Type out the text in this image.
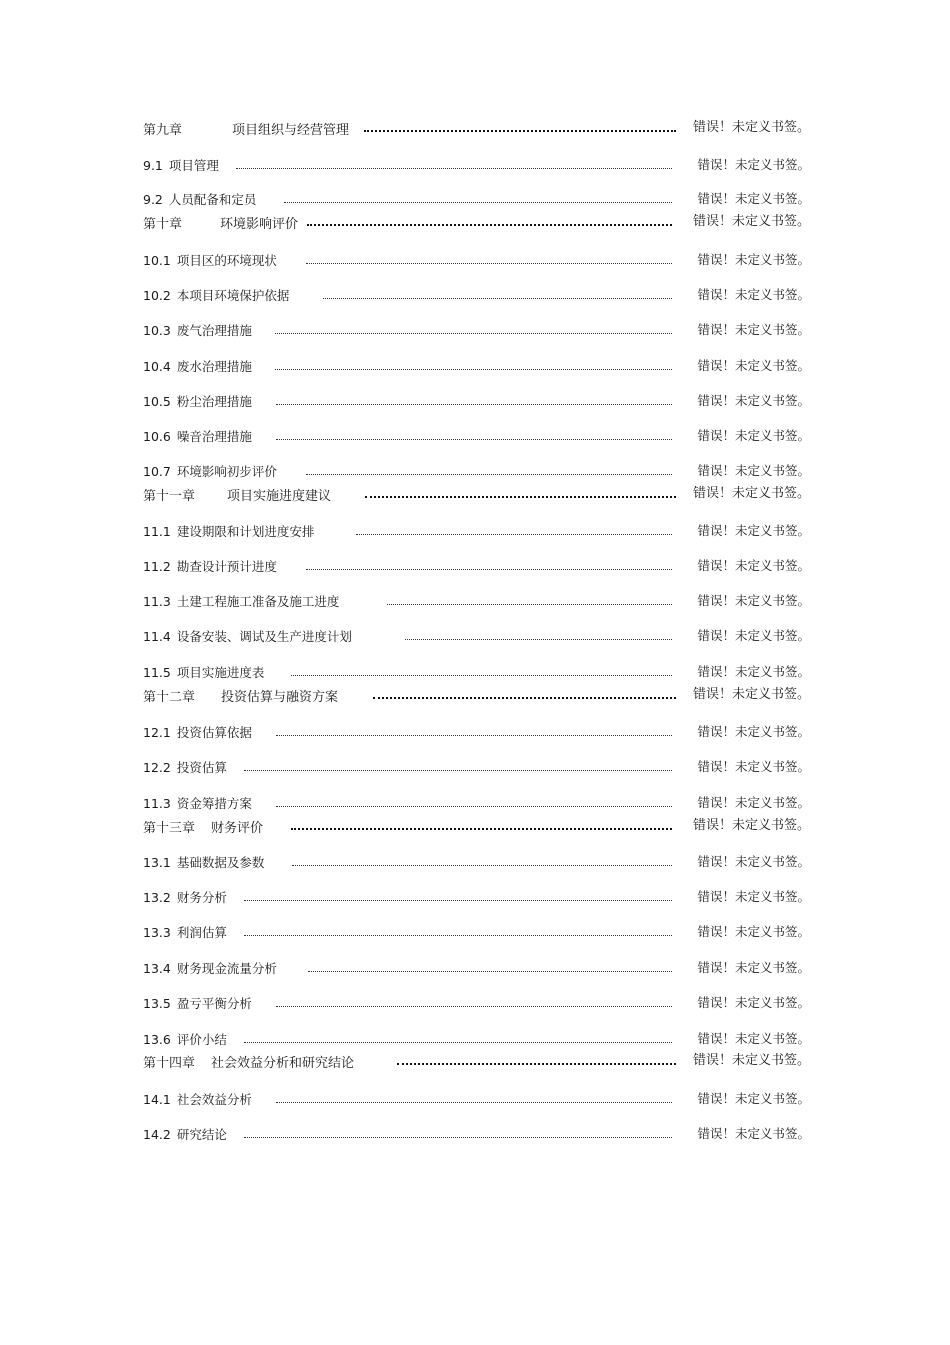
第九章	项目组织与经营管理	错误！未定义书签。
9.1 项目管理	错误！未定义书签。
9.2 人员配备和定员	错误！未定义书签。
第十章	环境影响评价	错误！未定义书签。
10.1 项目区的环境现状	错误！未定义书签。
10.2 本项目环境保护依据	错误！未定义书签。
10.3 废气治理措施	错误！未定义书签。
10.4 废水治理措施	错误！未定义书签。
10.5 粉尘治理措施	错误！未定义书签。
10.6 噪音治理措施	错误！未定义书签。
10.7 环境影响初步评价	错误！未定义书签。
第十一章 项目实施进度建议	错误！未定义书签。
11.1 建设期限和计划进度安排	错误！未定义书签。
11.2 勘查设计预计进度	错误！未定义书签。
11.3 土建工程施工准备及施工进度	错误！未定义书签。
11.4 设备安装、调试及生产进度计划	错误！未定义书签。
11.5 项目实施进度表	错误！未定义书签。
第十二章 投资估算与融资方案	错误！未定义书签。
12.1 投资估算依据	错误！未定义书签。
12.2 投资估算	错误！未定义书签。
11.3 资金筹措方案	错误！未定义书签。
第十三章 财务评价	错误！未定义书签。
13.1 基础数据及参数	错误！未定义书签。
13.2 财务分析	错误！未定义书签。
13.3 利润估算	错误！未定义书签。
13.4 财务现金流量分析	错误！未定义书签。
13.5 盈亏平衡分析	错误！未定义书签。
13.6 评价小结	错误！未定义书签。
第十四章 社会效益分析和研究结论	错误！未定义书签。
14.1 社会效益分析	错误！未定义书签。
14.2 研究结论	错误！未定义书签。
